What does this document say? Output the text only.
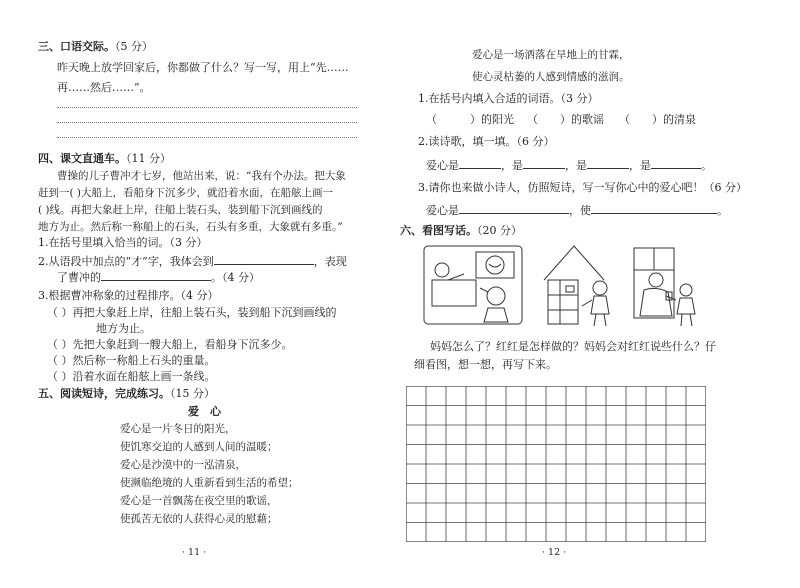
三、口语交际。（5 分）
昨天晚上放学回家后，你都做了什么？写一写，用上“先……
再……然后……”。
四、课文直通车。（11 分）
曹操的儿子曹冲才七岁，他站出来，说：“我有个办法。把大象
赶到一( )大船上，看船身下沉多少，就沿着水面，在船舷上画一
( )线。再把大象赶上岸，往船上装石头，装到船下沉到画线的
地方为止。然后称一称船上的石头，石头有多重，大象就有多重。”
1.在括号里填入恰当的词。（3 分）
2.从语段中加点的“才”字，我体会到	，表现
了曹冲的	。（4 分）
3.根据曹冲称象的过程排序。（4 分）
（ ）再把大象赶上岸，往船上装石头，装到船下沉到画线的
地方为止。
（ ）先把大象赶到一艘大船上，看船身下沉多少。
（ ）然后称一称船上石头的重量。
（ ）沿着水面在船舷上画一条线。
五、阅读短诗，完成练习。（15 分）
爱　心
爱心是一片冬日的阳光，
使饥寒交迫的人感到人间的温暖；
爱心是沙漠中的一泓清泉，
使濒临绝境的人重新看到生活的希望；
爱心是一首飘荡在夜空里的歌谣，
使孤苦无依的人获得心灵的慰藉；
· 11 ·
爱心是一场洒落在旱地上的甘霖，
使心灵枯萎的人感到情感的滋润。
1.在括号内填入合适的词语。（3 分）
（　　　）的阳光 （　　）的歌谣 （　　）的清泉
2.读诗歌，填一填。（6 分）
爱心是	，是	，是	，是	。
3.请你也来做小诗人，仿照短诗，写一写你心中的爱心吧！（6 分）
爱心是	，使	。
六、看图写话。（20 分）
妈妈怎么了？红红是怎样做的？妈妈会对红红说些什么？仔
细看图，想一想，再写下来。
· 12 ·
